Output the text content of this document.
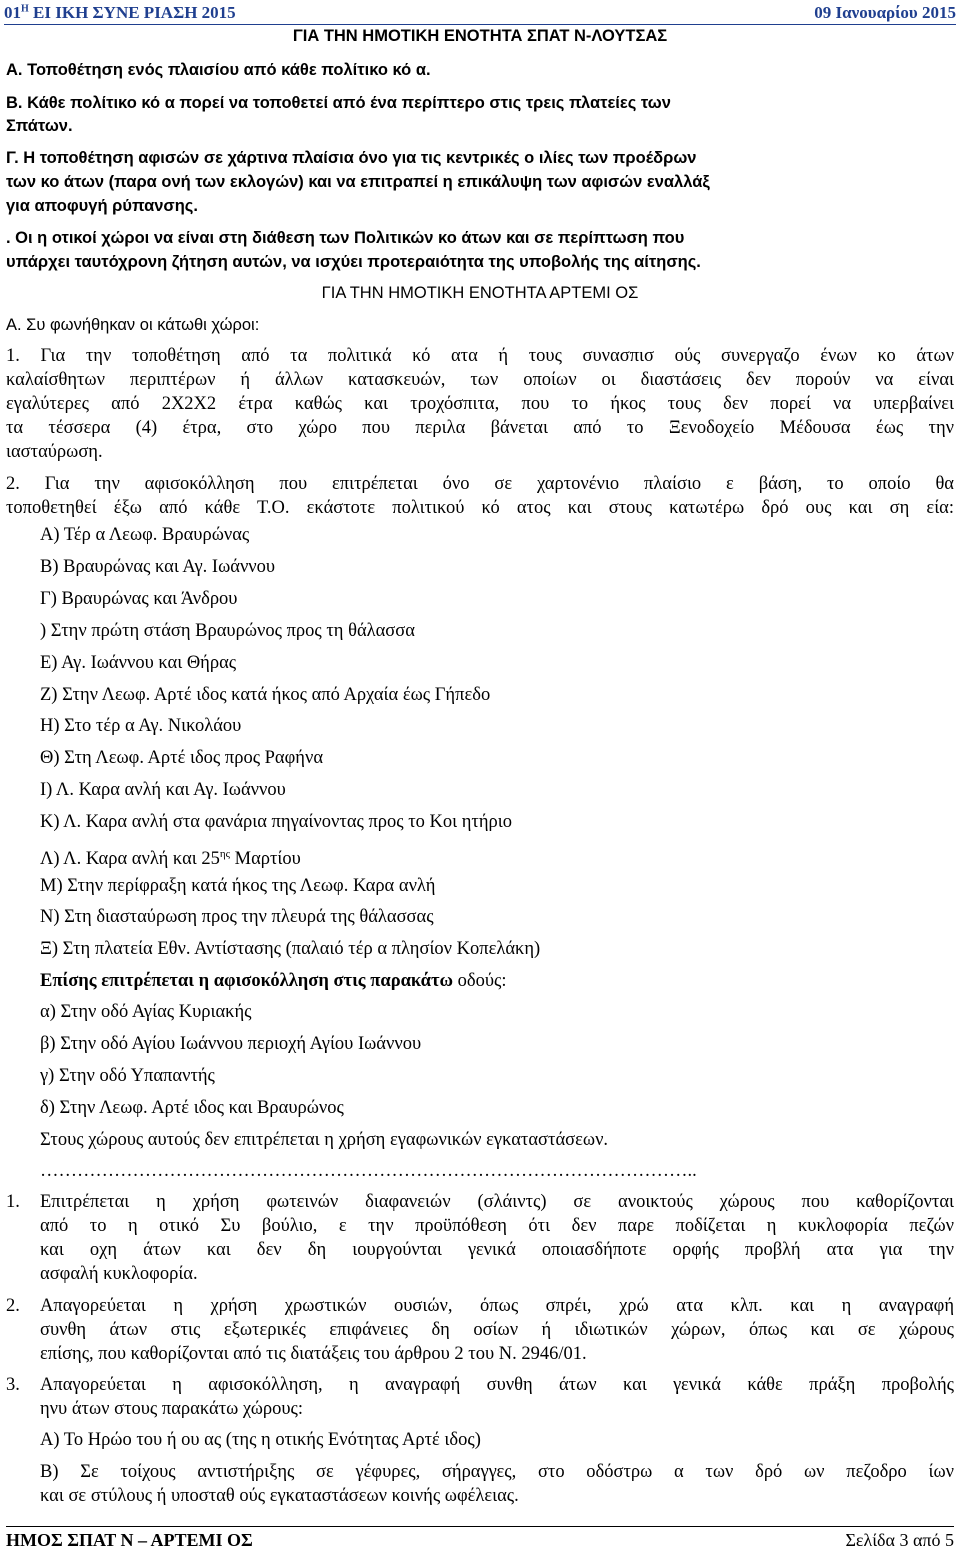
$01^H$ ΕΙ ΙΚΗ ΣΥΝΕ ΡΙΑΣΗ 2015	09 Ιανουαρίου 2015
ΓΙΑ ΤΗΝ ΗΜΟΤΙΚΗ ΕΝΟΤΗΤΑ ΣΠΑΤ Ν-ΛΟΥΤΣΑΣ
Α. Τοποθέτηση ενός πλαισίου από κάθε πολίτικο κό α.
Β. Κάθε πολίτικο κό α πορεί να τοποθετεί από ένα περίπτερο στις τρεις πλατείες των
Σπάτων.
Γ. Η τοποθέτηση αφισών σε χάρτινα πλαίσια όνο για τις κεντρικές ο ιλίες των προέδρων
των κο άτων (παρα ονή των εκλογών) και να επιτραπεί η επικάλυψη των αφισών εναλλάξ
για αποφυγή ρύπανσης.
. Οι η οτικοί χώροι να είναι στη διάθεση των Πολιτικών κο άτων και σε περίπτωση που
υπάρχει ταυτόχρονη ζήτηση αυτών, να ισχύει προτεραιότητα της υποβολής της αίτησης.
ΓΙΑ ΤΗΝ ΗΜΟΤΙΚΗ ΕΝΟΤΗΤΑ ΑΡΤΕΜΙ ΟΣ
Α. Συ φωνήθηκαν οι κάτωθι χώροι:
1. Για την τοποθέτηση από τα πολιτικά κό ατα ή τους συνασπισ ούς συνεργαζο ένων κο άτων
καλαίσθητων περιπτέρων ή άλλων κατασκευών, των οποίων οι διαστάσεις δεν πορούν να είναι
εγαλύτερες από 2Χ2Χ2 έτρα καθώς και τροχόσπιτα, που το ήκος τους δεν πορεί να υπερβαίνει
τα τέσσερα (4) έτρα, στο χώρο που περιλα βάνεται από το Ξενοδοχείο Μέδουσα έως την
ιασταύρωση.
2. Για την αφισοκόλληση που επιτρέπεται όνο σε χαρτονένιο πλαίσιο ε βάση, το οποίο θα
τοποθετηθεί έξω από κάθε Τ.Ο. εκάστοτε πολιτικού κό ατος και στους κατωτέρω δρό ους και ση εία:
Α) Τέρ α Λεωφ. Βραυρώνας
Β) Βραυρώνας και Αγ. Ιωάννου
Γ) Βραυρώνας και Άνδρου
) Στην πρώτη στάση Βραυρώνος προς τη θάλασσα
Ε) Αγ. Ιωάννου και Θήρας
Ζ) Στην Λεωφ. Αρτέ ιδος κατά ήκος από Αρχαία έως Γήπεδο
Η) Στο τέρ α Αγ. Νικολάου
Θ) Στη Λεωφ. Αρτέ ιδος προς Ραφήνα
Ι) Λ. Καρα ανλή και Αγ. Ιωάννου
Κ) Λ. Καρα ανλή στα φανάρια πηγαίνοντας προς το Κοι ητήριο
Λ) Λ. Καρα ανλή και $25^{\eta\varsigma}$ Μαρτίου
Μ) Στην περίφραξη κατά ήκος της Λεωφ. Καρα ανλή
Ν) Στη διασταύρωση προς την πλευρά της θάλασσας
Ξ) Στη πλατεία Εθν. Αντίστασης (παλαιό τέρ α πλησίον Κοπελάκη)
Επίσης επιτρέπεται η αφισοκόλληση στις παρακάτω οδούς:
α) Στην οδό Αγίας Κυριακής
β) Στην οδό Αγίου Ιωάννου περιοχή Αγίου Ιωάννου
γ) Στην οδό Υπαπαντής
δ) Στην Λεωφ. Αρτέ ιδος και Βραυρώνος
Στους χώρους αυτούς δεν επιτρέπεται η χρήση εγαφωνικών εγκαταστάσεων.
……………………………………………………………………………………………..
1.	Επιτρέπεται η χρήση φωτεινών διαφανειών (σλάιντς) σε ανοικτούς χώρους που καθορίζονται
από το η οτικό Συ βούλιο, ε την προϋπόθεση ότι δεν παρε ποδίζεται η κυκλοφορία πεζών
και οχη άτων και δεν δη ιουργούνται γενικά οποιασδήποτε ορφής προβλή ατα για την
ασφαλή κυκλοφορία.
2.	Απαγορεύεται η χρήση χρωστικών ουσιών, όπως σπρέι, χρώ ατα κλπ. και η αναγραφή
συνθη άτων στις εξωτερικές επιφάνειες δη οσίων ή ιδιωτικών χώρων, όπως και σε χώρους
επίσης, που καθορίζονται από τις διατάξεις του άρθρου 2 του Ν. 2946/01.
3.	Απαγορεύεται η αφισοκόλληση, η αναγραφή συνθη άτων και γενικά κάθε πράξη προβολής
ηνυ άτων στους παρακάτω χώρους:
Α) Το Ηρώο του ή ου ας (της η οτικής Ενότητας Αρτέ ιδος)
Β) Σε τοίχους αντιστήριξης σε γέφυρες, σήραγγες, στο οδόστρω α των δρό ων πεζοδρο ίων
και σε στύλους ή υποσταθ ούς εγκαταστάσεων κοινής ωφέλειας.
ΗΜΟΣ ΣΠΑΤ Ν – ΑΡΤΕΜΙ ΟΣ	Σελίδα 3 από 5
